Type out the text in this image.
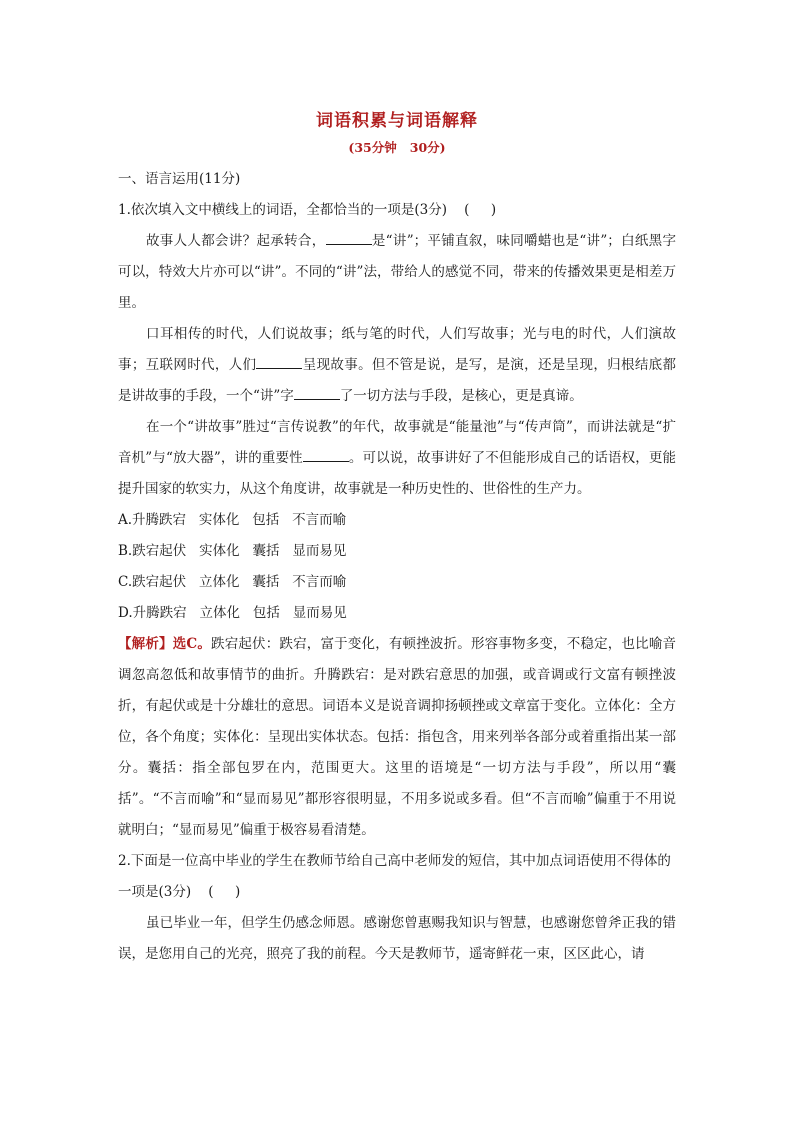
词语积累与词语解释
(35分钟   30分)

一、语言运用(11分)

1.依次填入文中横线上的词语，全都恰当的一项是(3分)    (     )

故事人人都会讲？起承转合，	是“讲”；平铺直叙，味同嚼蜡也是“讲”；白纸黑字可以，特效大片亦可以“讲”。不同的“讲”法，带给人的感觉不同，带来的传播效果更是相差万里。

口耳相传的时代，人们说故事；纸与笔的时代，人们写故事；光与电的时代，人们演故事；互联网时代，人们	呈现故事。但不管是说，是写，是演，还是呈现，归根结底都是讲故事的手段，一个“讲”字	了一切方法与手段，是核心，更是真谛。

在一个“讲故事”胜过“言传说教”的年代，故事就是“能量池”与“传声筒”，而讲法就是“扩音机”与“放大器”，讲的重要性	。可以说，故事讲好了不但能形成自己的话语权，更能提升国家的软实力，从这个角度讲，故事就是一种历史性的、世俗性的生产力。

A.升腾跌宕   实体化   包括   不言而喻

B.跌宕起伏   实体化   囊括   显而易见

C.跌宕起伏   立体化   囊括   不言而喻

D.升腾跌宕   立体化   包括   显而易见

【解析】选C。跌宕起伏：跌宕，富于变化，有顿挫波折。形容事物多变，不稳定，也比喻音调忽高忽低和故事情节的曲折。升腾跌宕：是对跌宕意思的加强，或音调或行文富有顿挫波折，有起伏或是十分雄壮的意思。词语本义是说音调抑扬顿挫或文章富于变化。立体化：全方位，各个角度；实体化：呈现出实体状态。包括：指包含，用来列举各部分或着重指出某一部分。囊括：指全部包罗在内，范围更大。这里的语境是“一切方法与手段”，所以用“囊括”。“不言而喻”和“显而易见”都形容很明显，不用多说或多看。但“不言而喻”偏重于不用说就明白；“显而易见”偏重于极容易看清楚。

2.下面是一位高中毕业的学生在教师节给自己高中老师发的短信，其中加点词语使用不得体的一项是(3分)    (     )

虽已毕业一年，但学生仍感念师恩。感谢您曾惠赐我知识与智慧，也感谢您曾斧正我的错误，是您用自己的光亮，照亮了我的前程。今天是教师节，遥寄鲜花一束，区区此心，请
